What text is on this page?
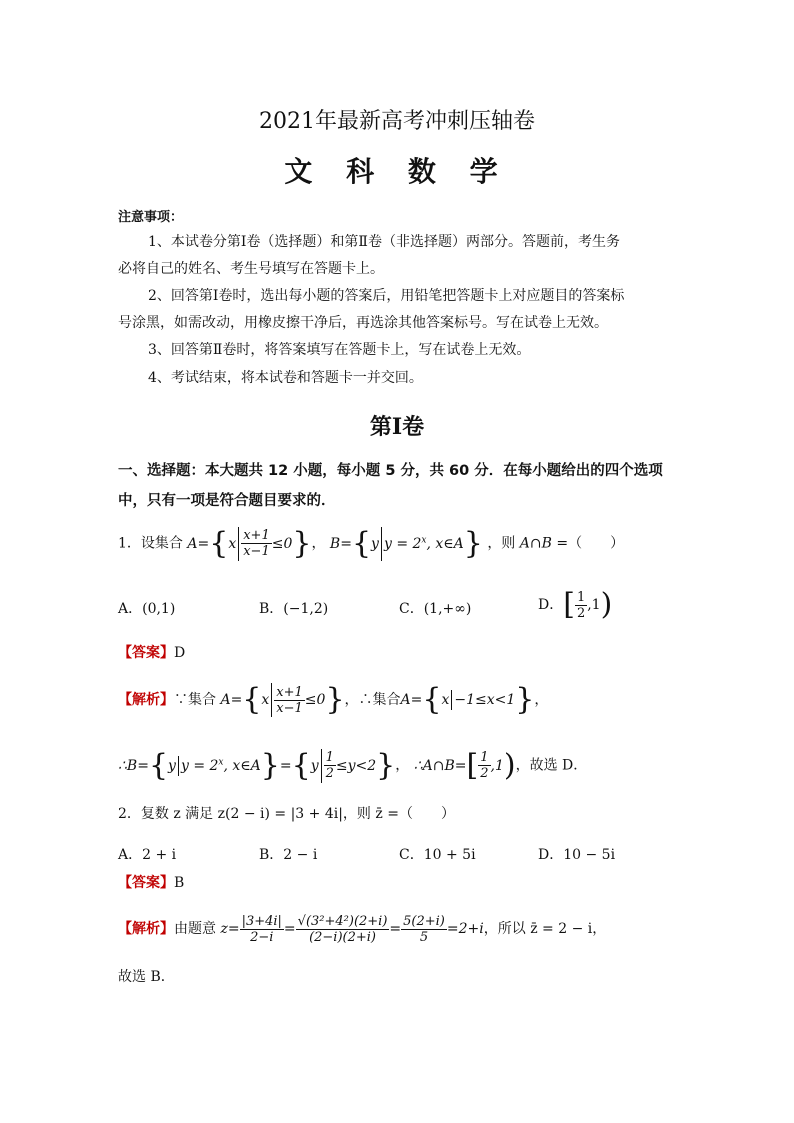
2021年最新高考冲刺压轴卷
文 科 数 学
注意事项：
1、本试卷分第Ⅰ卷（选择题）和第Ⅱ卷（非选择题）两部分。答题前，考生务
必将自己的姓名、考生号填写在答题卡上。
2、回答第Ⅰ卷时，选出每小题的答案后，用铅笔把答题卡上对应题目的答案标
号涂黑，如需改动，用橡皮擦干净后，再选涂其他答案标号。写在试卷上无效。
3、回答第Ⅱ卷时，将答案填写在答题卡上，写在试卷上无效。
4、考试结束，将本试卷和答题卡一并交回。
第Ⅰ卷
一、选择题：本大题共 12 小题，每小题 5 分，共 60 分．在每小题给出的四个选项
中，只有一项是符合题目要求的．
1．设集合 $A=\{x \frac{x+1}{x-1} \le 0\}$， B={y $y = 2^x$, x∈A} ，则 A∩B =（　　）
A．(0,1)	B．(−1,2)	C．(1,+∞)	D．[ $\frac{1}{2} ,1$)
【答案】D
【解析】∵集合 $A=\{x \frac{x+1}{x-1} \le 0\}$，∴集合A={x −1≤x<1}，
∴B={y $y = 2^x$, x∈A}={y $\frac{1}{2} \le y<2$}， ∴A∩B=[ $\frac{1}{2} ,1$)，故选 D．
2．复数 z 满足 z(2 − i) = |3 + 4i|，则 z̄ =（　　）
A．2 + i	B．2 − i	C．10 + 5i	D．10 − 5i
【答案】B
【解析】由题意 $z= \frac{|3+4i|}{2-i} = \frac{\text{√(3²+4²)(2+i)}}{(2-i)(2+i)} = \frac{5(2+i)}{5} =2+i$，所以 z̄ = 2 − i，
故选 B．
